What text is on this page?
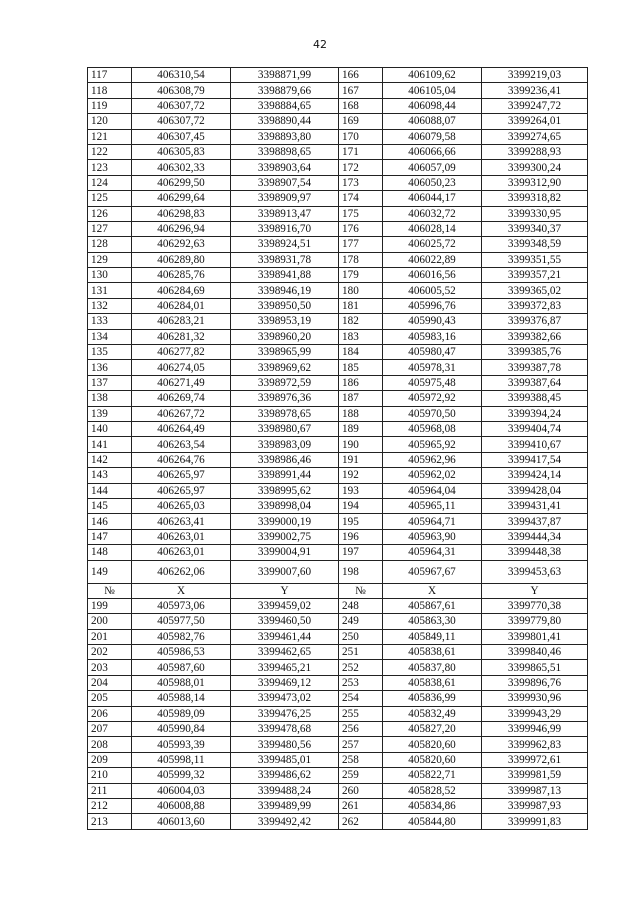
42
117	406310,54	3398871,99	166	406109,62	3399219,03
118	406308,79	3398879,66	167	406105,04	3399236,41
119	406307,72	3398884,65	168	406098,44	3399247,72
120	406307,72	3398890,44	169	406088,07	3399264,01
121	406307,45	3398893,80	170	406079,58	3399274,65
122	406305,83	3398898,65	171	406066,66	3399288,93
123	406302,33	3398903,64	172	406057,09	3399300,24
124	406299,50	3398907,54	173	406050,23	3399312,90
125	406299,64	3398909,97	174	406044,17	3399318,82
126	406298,83	3398913,47	175	406032,72	3399330,95
127	406296,94	3398916,70	176	406028,14	3399340,37
128	406292,63	3398924,51	177	406025,72	3399348,59
129	406289,80	3398931,78	178	406022,89	3399351,55
130	406285,76	3398941,88	179	406016,56	3399357,21
131	406284,69	3398946,19	180	406005,52	3399365,02
132	406284,01	3398950,50	181	405996,76	3399372,83
133	406283,21	3398953,19	182	405990,43	3399376,87
134	406281,32	3398960,20	183	405983,16	3399382,66
135	406277,82	3398965,99	184	405980,47	3399385,76
136	406274,05	3398969,62	185	405978,31	3399387,78
137	406271,49	3398972,59	186	405975,48	3399387,64
138	406269,74	3398976,36	187	405972,92	3399388,45
139	406267,72	3398978,65	188	405970,50	3399394,24
140	406264,49	3398980,67	189	405968,08	3399404,74
141	406263,54	3398983,09	190	405965,92	3399410,67
142	406264,76	3398986,46	191	405962,96	3399417,54
143	406265,97	3398991,44	192	405962,02	3399424,14
144	406265,97	3398995,62	193	405964,04	3399428,04
145	406265,03	3398998,04	194	405965,11	3399431,41
146	406263,41	3399000,19	195	405964,71	3399437,87
147	406263,01	3399002,75	196	405963,90	3399444,34
148	406263,01	3399004,91	197	405964,31	3399448,38
149	406262,06	3399007,60	198	405967,67	3399453,63
№	X	Y	№	X	Y
199	405973,06	3399459,02	248	405867,61	3399770,38
200	405977,50	3399460,50	249	405863,30	3399779,80
201	405982,76	3399461,44	250	405849,11	3399801,41
202	405986,53	3399462,65	251	405838,61	3399840,46
203	405987,60	3399465,21	252	405837,80	3399865,51
204	405988,01	3399469,12	253	405838,61	3399896,76
205	405988,14	3399473,02	254	405836,99	3399930,96
206	405989,09	3399476,25	255	405832,49	3399943,29
207	405990,84	3399478,68	256	405827,20	3399946,99
208	405993,39	3399480,56	257	405820,60	3399962,83
209	405998,11	3399485,01	258	405820,60	3399972,61
210	405999,32	3399486,62	259	405822,71	3399981,59
211	406004,03	3399488,24	260	405828,52	3399987,13
212	406008,88	3399489,99	261	405834,86	3399987,93
213	406013,60	3399492,42	262	405844,80	3399991,83
